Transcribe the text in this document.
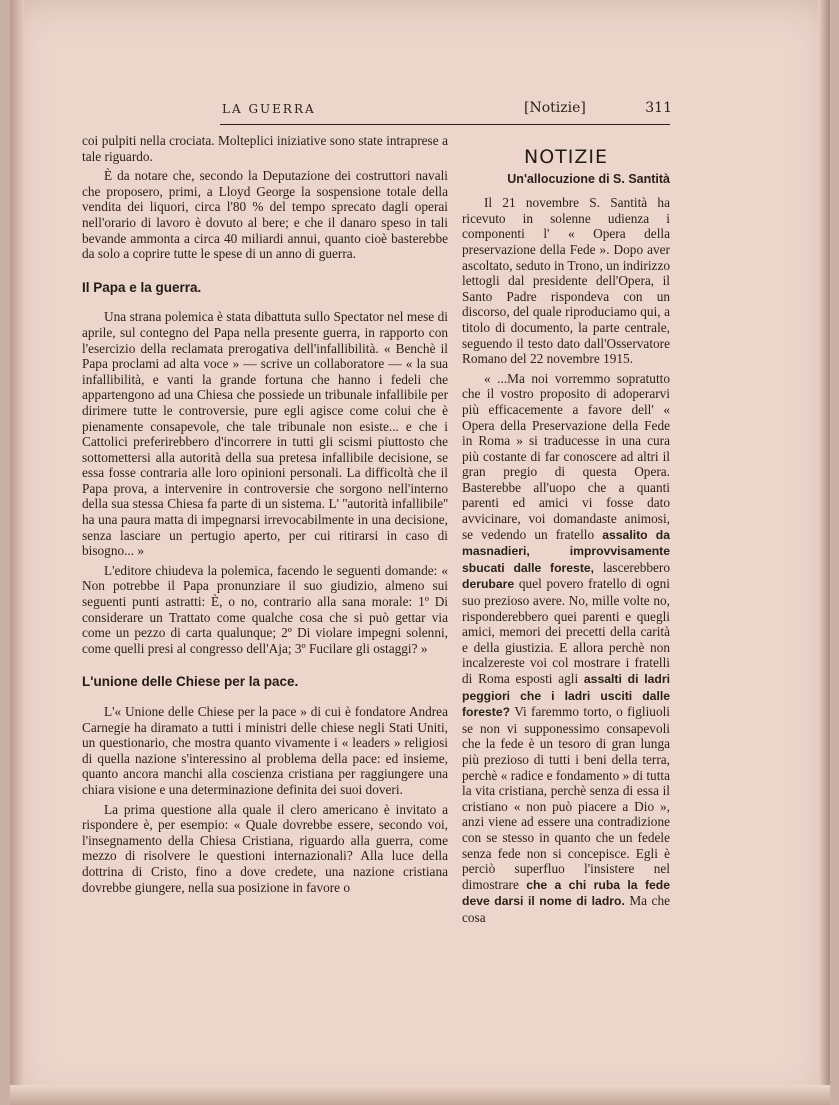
LA GUERRA	[Notizie]	311

coi pulpiti nella crociata. Molteplici iniziative sono state intraprese a tale riguardo.

È da notare che, secondo la Deputazione dei costruttori navali che proposero, primi, a Lloyd George la sospensione totale della vendita dei liquori, circa l'80 % del tempo sprecato dagli operai nell'orario di lavoro è dovuto al bere; e che il danaro speso in tali bevande ammonta a circa 40 miliardi annui, quanto cioè basterebbe da solo a coprire tutte le spese di un anno di guerra.

Il Papa e la guerra.

Una strana polemica è stata dibattuta sullo Spectator nel mese di aprile, sul contegno del Papa nella presente guerra, in rapporto con l'esercizio della reclamata prerogativa dell'infallibilità. « Benchè il Papa proclami ad alta voce » — scrive un collaboratore — « la sua infallibilità, e vanti la grande fortuna che hanno i fedeli che appartengono ad una Chiesa che possiede un tribunale infallibile per dirimere tutte le controversie, pure egli agisce come colui che è pienamente consapevole, che tale tribunale non esiste... e che i Cattolici preferirebbero d'incorrere in tutti gli scismi piuttosto che sottomettersi alla autorità della sua pretesa infallibile decisione, se essa fosse contraria alle loro opinioni personali. La difficoltà che il Papa prova, a intervenire in controversie che sorgono nell'interno della sua stessa Chiesa fa parte di un sistema. L' ''autorità infallibile'' ha una paura matta di impegnarsi irrevocabilmente in una decisione, senza lasciare un pertugio aperto, per cui ritirarsi in caso di bisogno... »

L'editore chiudeva la polemica, facendo le seguenti domande: « Non potrebbe il Papa pronunziare il suo giudizio, almeno sui seguenti punti astratti: È, o no, contrario alla sana morale: 1º Di considerare un Trattato come qualche cosa che si può gettar via come un pezzo di carta qualunque; 2º Di violare impegni solenni, come quelli presi al congresso dell'Aja; 3º Fucilare gli ostaggi? »

L'unione delle Chiese per la pace.

L'« Unione delle Chiese per la pace » di cui è fondatore Andrea Carnegie ha diramato a tutti i ministri delle chiese negli Stati Uniti, un questionario, che mostra quanto vivamente i « leaders » religiosi di quella nazione s'interessino al problema della pace: ed insieme, quanto ancora manchi alla coscienza cristiana per raggiungere una chiara visione e una determinazione definita dei suoi doveri.

La prima questione alla quale il clero americano è invitato a rispondere è, per esempio: « Quale dovrebbe essere, secondo voi, l'insegnamento della Chiesa Cristiana, riguardo alla guerra, come mezzo di risolvere le questioni internazionali? Alla luce della dottrina di Cristo, fino a dove credete, una nazione cristiana dovrebbe giungere, nella sua posizione in favore o

NOTIZIE
Un'allocuzione di S. Santità

Il 21 novembre S. Santità ha ricevuto in solenne udienza i componenti l' « Opera della preservazione della Fede ». Dopo aver ascoltato, seduto in Trono, un indirizzo lettogli dal presidente dell'Opera, il Santo Padre rispondeva con un discorso, del quale riproduciamo qui, a titolo di documento, la parte centrale, seguendo il testo dato dall'Osservatore Romano del 22 novembre 1915.

« ...Ma noi vorremmo sopratutto che il vostro proposito di adoperarvi più efficacemente a favore dell' « Opera della Preservazione della Fede in Roma » si traducesse in una cura più costante di far conoscere ad altri il gran pregio di questa Opera. Basterebbe all'uopo che a quanti parenti ed amici vi fosse dato avvicinare, voi domandaste animosi, se vedendo un fratello assalito da masnadieri, improvvisamente sbucati dalle foreste, lascerebbero derubare quel povero fratello di ogni suo prezioso avere. No, mille volte no, risponderebbero quei parenti e quegli amici, memori dei precetti della carità e della giustizia. E allora perchè non incalzereste voi col mostrare i fratelli di Roma esposti agli assalti di ladri peggiori che i ladri usciti dalle foreste? Vi faremmo torto, o figliuoli se non vi supponessimo consapevoli che la fede è un tesoro di gran lunga più prezioso di tutti i beni della terra, perchè « radice e fondamento » di tutta la vita cristiana, perchè senza di essa il cristiano « non può piacere a Dio », anzi viene ad essere una contradizione con se stesso in quanto che un fedele senza fede non si concepisce. Egli è perciò superfluo l'insistere nel dimostrare che a chi ruba la fede deve darsi il nome di ladro. Ma che cosa
